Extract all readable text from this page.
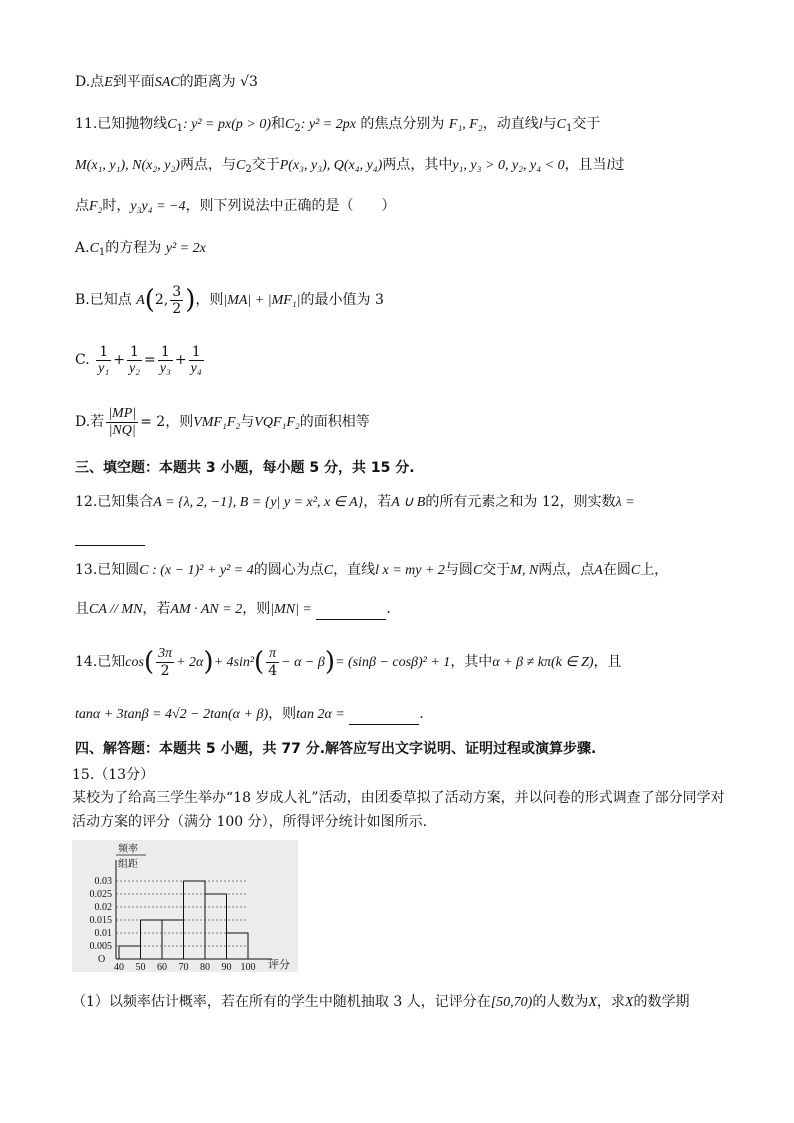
D.点E到平面SAC的距离为 √3
11.已知抛物线$C_1$: y² = px(p > 0)和$C_2$: y² = 2px 的焦点分别为 F₁, F₂，动直线l与$C_1$交于
M(x₁, y₁), N(x₂, y₂)两点，与$C_2$交于P(x₃, y₃), Q(x₄, y₄)两点，其中y₁, y₃ > 0, y₂, y₄ < 0，且当l过
点F₂时，y₃y₄ = −4，则下列说法中正确的是（　　）
$A.C_1$的方程为 y² = 2x
B.已知点 A(2, $\frac{3}{2}$ )，则|MA| + |MF₁|的最小值为 3
C. $\frac{1}{\text{y₁}} + \frac{1}{\text{y₂}} = \frac{1}{\text{y₃}} + \frac{1}{\text{y₄}}$
D.若 $\frac{|MP|}{|NQ|} = 2$，则VMF₁F₂与VQF₁F₂的面积相等
三、填空题：本题共 3 小题，每小题 5 分，共 15 分.
12.已知集合A = {λ, 2, −1}, B = {y| y = x², x ∈ A}，若A ∪ B的所有元素之和为 12，则实数λ =
13.已知圆C : (x − 1)² + y² = 4的圆心为点C，直线l x = my + 2与圆C交于M, N两点，点A在圆C上，
且CA // MN，若AM · AN = 2，则|MN| =	.
14.已知$\cos( \frac{3\pi}{2} + 2\alpha)+ 4\sin^2( \frac{\pi}{4} - \alpha - \beta)= (\sin\beta - \cos\beta)^2 + 1$，其中α + β ≠ kπ(k ∈ Z)，且
tanα + 3tanβ = 4√2 − 2tan(α + β)，则tan 2α =	.
四、解答题：本题共 5 小题，共 77 分.解答应写出文字说明、证明过程或演算步骤.
15.（13分）
某校为了给高三学生举办“18 岁成人礼”活动，由团委草拟了活动方案，并以问卷的形式调查了部分同学对
活动方案的评分（满分 100 分），所得评分统计如图所示.
频率
组距
0.005
0.01
0.015
0.02
0.025
0.03
40 50 60 70 80 90 100
O	评分
（1）以频率估计概率，若在所有的学生中随机抽取 3 人，记评分在[50,70)的人数为X，求X的数学期
